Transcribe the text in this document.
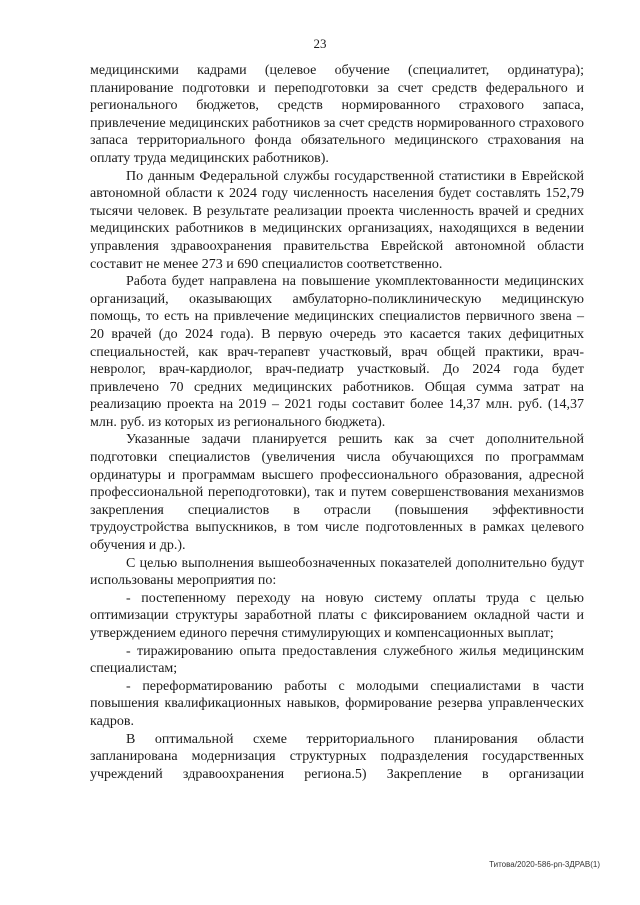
23

медицинскими кадрами (целевое обучение (специалитет, ординатура); планирование подготовки и переподготовки за счет средств федерального и регионального бюджетов, средств нормированного страхового запаса, привлечение медицинских работников за счет средств нормированного страхового запаса территориального фонда обязательного медицинского страхования на оплату труда медицинских работников).

По данным Федеральной службы государственной статистики в Еврейской автономной области к 2024 году численность населения будет составлять 152,79 тысячи человек. В результате реализации проекта численность врачей и средних медицинских работников в медицинских организациях, находящихся в ведении управления здравоохранения правительства Еврейской автономной области составит не менее 273 и 690 специалистов соответственно.

Работа будет направлена на повышение укомплектованности медицинских организаций, оказывающих амбулаторно-поликлиническую медицинскую помощь, то есть на привлечение медицинских специалистов первичного звена – 20 врачей (до 2024 года). В первую очередь это касается таких дефицитных специальностей, как врач-терапевт участковый, врач общей практики, врач-невролог, врач-кардиолог, врач-педиатр участковый. До 2024 года будет привлечено 70 средних медицинских работников. Общая сумма затрат на реализацию проекта на 2019 – 2021 годы составит более 14,37 млн. руб. (14,37 млн. руб. из которых из регионального бюджета).

Указанные задачи планируется решить как за счет дополнительной подготовки специалистов (увеличения числа обучающихся по программам ординатуры и программам высшего профессионального образования, адресной профессиональной переподготовки), так и путем совершенствования механизмов закрепления специалистов в отрасли (повышения эффективности трудоустройства выпускников, в том числе подготовленных в рамках целевого обучения и др.).

С целью выполнения вышеобозначенных показателей дополнительно будут использованы мероприятия по:

- постепенному переходу на новую систему оплаты труда с целью оптимизации структуры заработной платы с фиксированием окладной части и утверждением единого перечня стимулирующих и компенсационных выплат;

- тиражированию опыта предоставления служебного жилья медицинским специалистам;

- переформатированию работы с молодыми специалистами в части повышения квалификационных навыков, формирование резерва управленческих кадров.

В оптимальной схеме территориального планирования области запланирована модернизация структурных подразделения государственных учреждений здравоохранения региона.5) Закрепление в организации

Титова/2020-586-рп-3ДРАВ(1)
